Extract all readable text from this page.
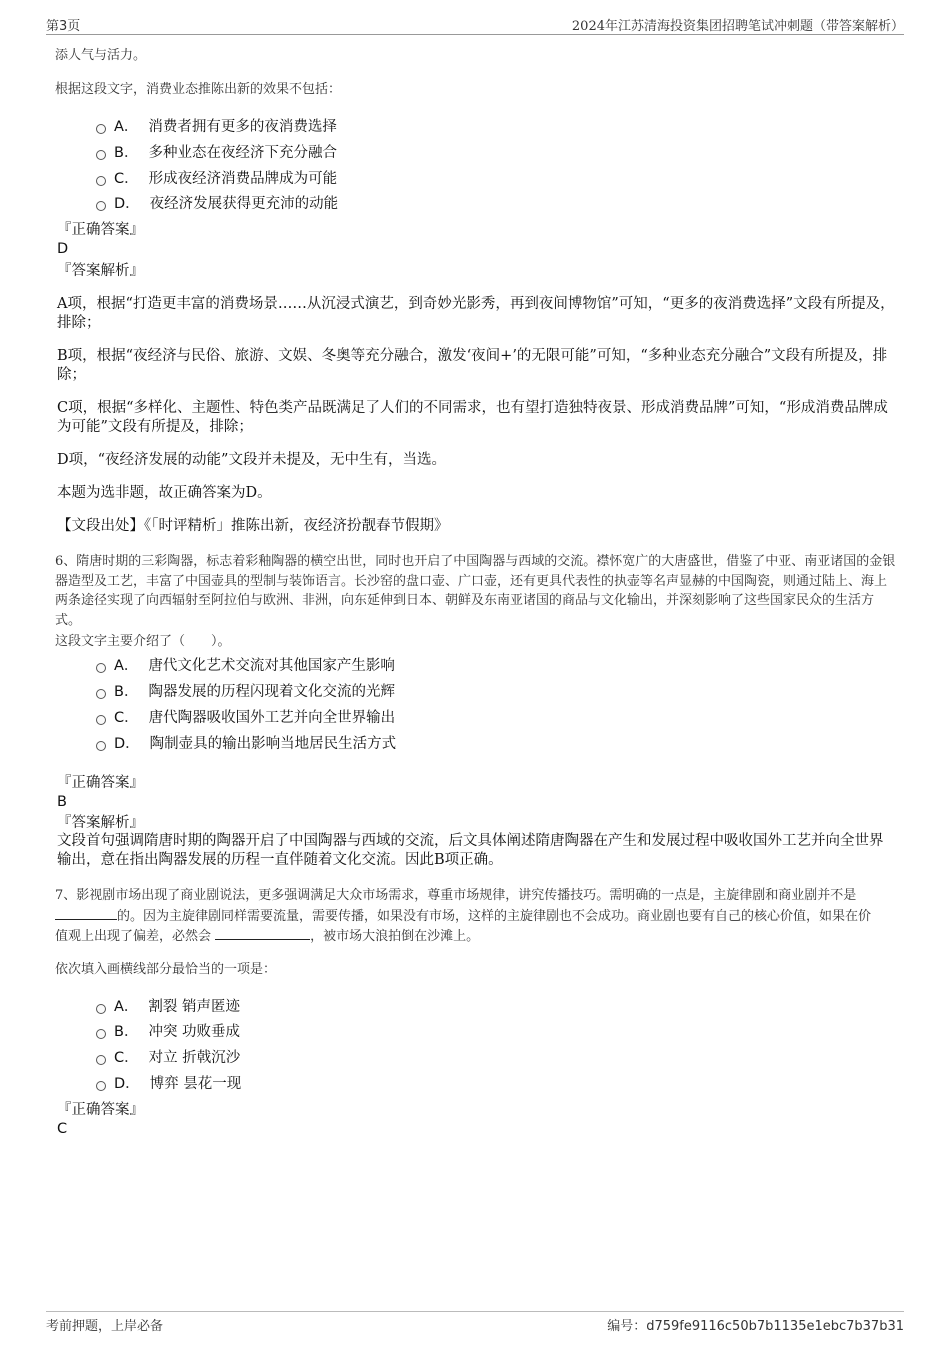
第3页	2024年江苏清海投资集团招聘笔试冲刺题（带答案解析）
添人气与活力。
根据这段文字，消费业态推陈出新的效果不包括：
A． 消费者拥有更多的夜消费选择
B． 多种业态在夜经济下充分融合
C． 形成夜经济消费品牌成为可能
D． 夜经济发展获得更充沛的动能
『正确答案』
D
『答案解析』
A项，根据“打造更丰富的消费场景……从沉浸式演艺，到奇妙光影秀，再到夜间博物馆”可知，“更多的夜消费选择”文段有所提及，排除；
B项，根据“夜经济与民俗、旅游、文娱、冬奥等充分融合，激发‘夜间+’的无限可能”可知，“多种业态充分融合”文段有所提及，排除；
C项，根据“多样化、主题性、特色类产品既满足了人们的不同需求，也有望打造独特夜景、形成消费品牌”可知，“形成消费品牌成为可能”文段有所提及，排除；
D项，“夜经济发展的动能”文段并未提及，无中生有，当选。
本题为选非题，故正确答案为D。
【文段出处】《「时评精析」推陈出新，夜经济扮靓春节假期》
6、隋唐时期的三彩陶器，标志着彩釉陶器的横空出世，同时也开启了中国陶器与西域的交流。襟怀宽广的大唐盛世，借鉴了中亚、南亚诸国的金银器造型及工艺，丰富了中国壶具的型制与装饰语言。长沙窑的盘口壶、广口壶，还有更具代表性的执壶等名声显赫的中国陶瓷，则通过陆上、海上两条途径实现了向西辐射至阿拉伯与欧洲、非洲，向东延伸到日本、朝鲜及东南亚诸国的商品与文化输出，并深刻影响了这些国家民众的生活方式。
这段文字主要介绍了（　　）。
A． 唐代文化艺术交流对其他国家产生影响
B． 陶器发展的历程闪现着文化交流的光辉
C． 唐代陶器吸收国外工艺并向全世界输出
D． 陶制壶具的输出影响当地居民生活方式
『正确答案』
B
『答案解析』
文段首句强调隋唐时期的陶器开启了中国陶器与西域的交流，后文具体阐述隋唐陶器在产生和发展过程中吸收国外工艺并向全世界输出，意在指出陶器发展的历程一直伴随着文化交流。因此B项正确。
7、影视剧市场出现了商业剧说法，更多强调满足大众市场需求，尊重市场规律，讲究传播技巧。需明确的一点是，主旋律剧和商业剧并不是
的。因为主旋律剧同样需要流量，需要传播，如果没有市场，这样的主旋律剧也不会成功。商业剧也要有自己的核心价值，如果在价
值观上出现了偏差，必然会	，被市场大浪拍倒在沙滩上。
依次填入画横线部分最恰当的一项是：
A． 割裂 销声匿迹
B． 冲突 功败垂成
C． 对立 折戟沉沙
D． 博弈 昙花一现
『正确答案』
C
考前押题，上岸必备	编号：d759fe9116c50b7b1135e1ebc7b37b31
